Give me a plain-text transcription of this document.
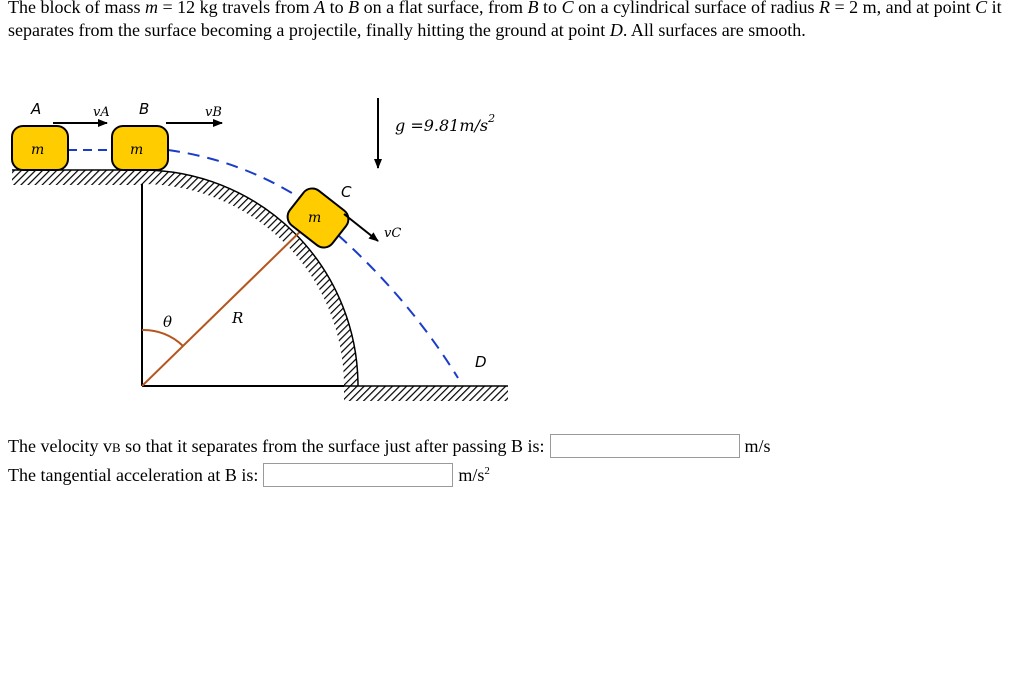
The block of mass m = 12 kg travels from A to B on a flat surface, from B to C on a cylindrical surface of radius R = 2 m, and at point C it separates from the surface becoming a projectile, finally hitting the ground at point D. All surfaces are smooth.

θ	R
m	m
m
A	B
C
D
vA	vB
vC
$g =9.81m/s^2$
The velocity vB so that it separates from the surface just after passing B is:	m/s
The tangential acceleration at B is:	$m/s^2$
